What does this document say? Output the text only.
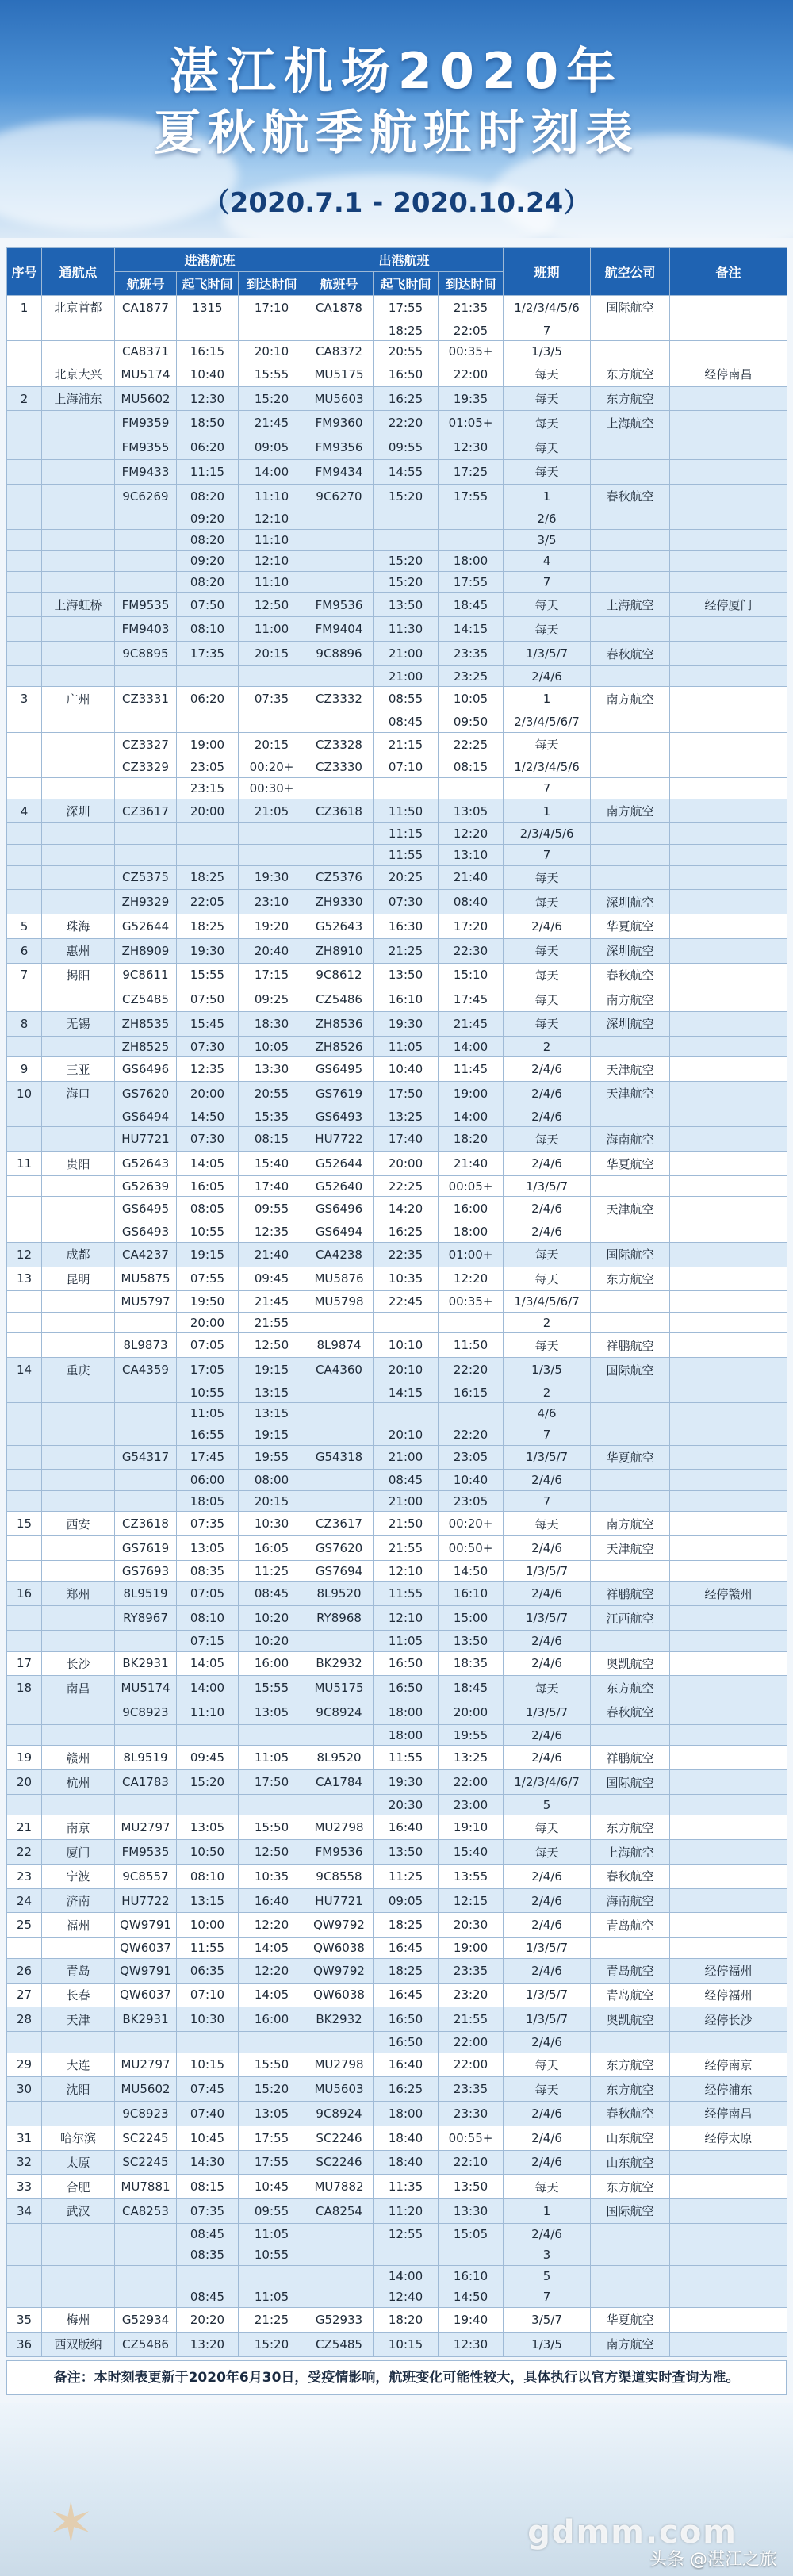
湛江机场2020年
夏秋航季航班时刻表
（2020.7.1 - 2020.10.24）
序号	通航点	进港航班			出港航班			班期	航空公司	备注
		航班号	起飞时间	到达时间	航班号	起飞时间	到达时间			
1	北京首都	CA1877	1315	17:10	CA1878	17:55	21:35	1/2/3/4/5/6	国际航空	
						18:25	22:05	7		
		CA8371	16:15	20:10	CA8372	20:55	00:35+	1/3/5		
	北京大兴	MU5174	10:40	15:55	MU5175	16:50	22:00	每天	东方航空	经停南昌
2	上海浦东	MU5602	12:30	15:20	MU5603	16:25	19:35	每天	东方航空	
		FM9359	18:50	21:45	FM9360	22:20	01:05+	每天	上海航空	
		FM9355	06:20	09:05	FM9356	09:55	12:30	每天		
		FM9433	11:15	14:00	FM9434	14:55	17:25	每天		
		9C6269	08:20	11:10	9C6270	15:20	17:55	1	春秋航空	
			09:20	12:10				2/6		
			08:20	11:10				3/5		
			09:20	12:10		15:20	18:00	4		
			08:20	11:10		15:20	17:55	7		
	上海虹桥	FM9535	07:50	12:50	FM9536	13:50	18:45	每天	上海航空	经停厦门
		FM9403	08:10	11:00	FM9404	11:30	14:15	每天		
		9C8895	17:35	20:15	9C8896	21:00	23:35	1/3/5/7	春秋航空	
						21:00	23:25	2/4/6		
3	广州	CZ3331	06:20	07:35	CZ3332	08:55	10:05	1	南方航空	
						08:45	09:50	2/3/4/5/6/7		
		CZ3327	19:00	20:15	CZ3328	21:15	22:25	每天		
		CZ3329	23:05	00:20+	CZ3330	07:10	08:15	1/2/3/4/5/6		
			23:15	00:30+				7		
4	深圳	CZ3617	20:00	21:05	CZ3618	11:50	13:05	1	南方航空	
						11:15	12:20	2/3/4/5/6		
						11:55	13:10	7		
		CZ5375	18:25	19:30	CZ5376	20:25	21:40	每天		
		ZH9329	22:05	23:10	ZH9330	07:30	08:40	每天	深圳航空	
5	珠海	G52644	18:25	19:20	G52643	16:30	17:20	2/4/6	华夏航空	
6	惠州	ZH8909	19:30	20:40	ZH8910	21:25	22:30	每天	深圳航空	
7	揭阳	9C8611	15:55	17:15	9C8612	13:50	15:10	每天	春秋航空	
		CZ5485	07:50	09:25	CZ5486	16:10	17:45	每天	南方航空	
8	无锡	ZH8535	15:45	18:30	ZH8536	19:30	21:45	每天	深圳航空	
		ZH8525	07:30	10:05	ZH8526	11:05	14:00	2		
9	三亚	GS6496	12:35	13:30	GS6495	10:40	11:45	2/4/6	天津航空	
10	海口	GS7620	20:00	20:55	GS7619	17:50	19:00	2/4/6	天津航空	
		GS6494	14:50	15:35	GS6493	13:25	14:00	2/4/6		
		HU7721	07:30	08:15	HU7722	17:40	18:20	每天	海南航空	
11	贵阳	G52643	14:05	15:40	G52644	20:00	21:40	2/4/6	华夏航空	
		G52639	16:05	17:40	G52640	22:25	00:05+	1/3/5/7		
		GS6495	08:05	09:55	GS6496	14:20	16:00	2/4/6	天津航空	
		GS6493	10:55	12:35	GS6494	16:25	18:00	2/4/6		
12	成都	CA4237	19:15	21:40	CA4238	22:35	01:00+	每天	国际航空	
13	昆明	MU5875	07:55	09:45	MU5876	10:35	12:20	每天	东方航空	
		MU5797	19:50	21:45	MU5798	22:45	00:35+	1/3/4/5/6/7		
			20:00	21:55				2		
		8L9873	07:05	12:50	8L9874	10:10	11:50	每天	祥鹏航空	
14	重庆	CA4359	17:05	19:15	CA4360	20:10	22:20	1/3/5	国际航空	
			10:55	13:15		14:15	16:15	2		
			11:05	13:15				4/6		
			16:55	19:15		20:10	22:20	7		
		G54317	17:45	19:55	G54318	21:00	23:05	1/3/5/7	华夏航空	
			06:00	08:00		08:45	10:40	2/4/6		
			18:05	20:15		21:00	23:05	7		
15	西安	CZ3618	07:35	10:30	CZ3617	21:50	00:20+	每天	南方航空	
		GS7619	13:05	16:05	GS7620	21:55	00:50+	2/4/6	天津航空	
		GS7693	08:35	11:25	GS7694	12:10	14:50	1/3/5/7		
16	郑州	8L9519	07:05	08:45	8L9520	11:55	16:10	2/4/6	祥鹏航空	经停赣州
		RY8967	08:10	10:20	RY8968	12:10	15:00	1/3/5/7	江西航空	
			07:15	10:20		11:05	13:50	2/4/6		
17	长沙	BK2931	14:05	16:00	BK2932	16:50	18:35	2/4/6	奥凯航空	
18	南昌	MU5174	14:00	15:55	MU5175	16:50	18:45	每天	东方航空	
		9C8923	11:10	13:05	9C8924	18:00	20:00	1/3/5/7	春秋航空	
						18:00	19:55	2/4/6		
19	赣州	8L9519	09:45	11:05	8L9520	11:55	13:25	2/4/6	祥鹏航空	
20	杭州	CA1783	15:20	17:50	CA1784	19:30	22:00	1/2/3/4/6/7	国际航空	
						20:30	23:00	5		
21	南京	MU2797	13:05	15:50	MU2798	16:40	19:10	每天	东方航空	
22	厦门	FM9535	10:50	12:50	FM9536	13:50	15:40	每天	上海航空	
23	宁波	9C8557	08:10	10:35	9C8558	11:25	13:55	2/4/6	春秋航空	
24	济南	HU7722	13:15	16:40	HU7721	09:05	12:15	2/4/6	海南航空	
25	福州	QW9791	10:00	12:20	QW9792	18:25	20:30	2/4/6	青岛航空	
		QW6037	11:55	14:05	QW6038	16:45	19:00	1/3/5/7		
26	青岛	QW9791	06:35	12:20	QW9792	18:25	23:35	2/4/6	青岛航空	经停福州
27	长春	QW6037	07:10	14:05	QW6038	16:45	23:20	1/3/5/7	青岛航空	经停福州
28	天津	BK2931	10:30	16:00	BK2932	16:50	21:55	1/3/5/7	奥凯航空	经停长沙
						16:50	22:00	2/4/6		
29	大连	MU2797	10:15	15:50	MU2798	16:40	22:00	每天	东方航空	经停南京
30	沈阳	MU5602	07:45	15:20	MU5603	16:25	23:35	每天	东方航空	经停浦东
		9C8923	07:40	13:05	9C8924	18:00	23:30	2/4/6	春秋航空	经停南昌
31	哈尔滨	SC2245	10:45	17:55	SC2246	18:40	00:55+	2/4/6	山东航空	经停太原
32	太原	SC2245	14:30	17:55	SC2246	18:40	22:10	2/4/6	山东航空	
33	合肥	MU7881	08:15	10:45	MU7882	11:35	13:50	每天	东方航空	
34	武汉	CA8253	07:35	09:55	CA8254	11:20	13:30	1	国际航空	
			08:45	11:05		12:55	15:05	2/4/6		
			08:35	10:55				3		
						14:00	16:10	5		
			08:45	11:05		12:40	14:50	7		
35	梅州	G52934	20:20	21:25	G52933	18:20	19:40	3/5/7	华夏航空	
36	西双版纳	CZ5486	13:20	15:20	CZ5485	10:15	12:30	1/3/5	南方航空	
备注：本时刻表更新于2020年6月30日，受疫情影响，航班变化可能性较大，具体执行以官方渠道实时查询为准。
✶	gdmm.com
头条 @湛江之旅
